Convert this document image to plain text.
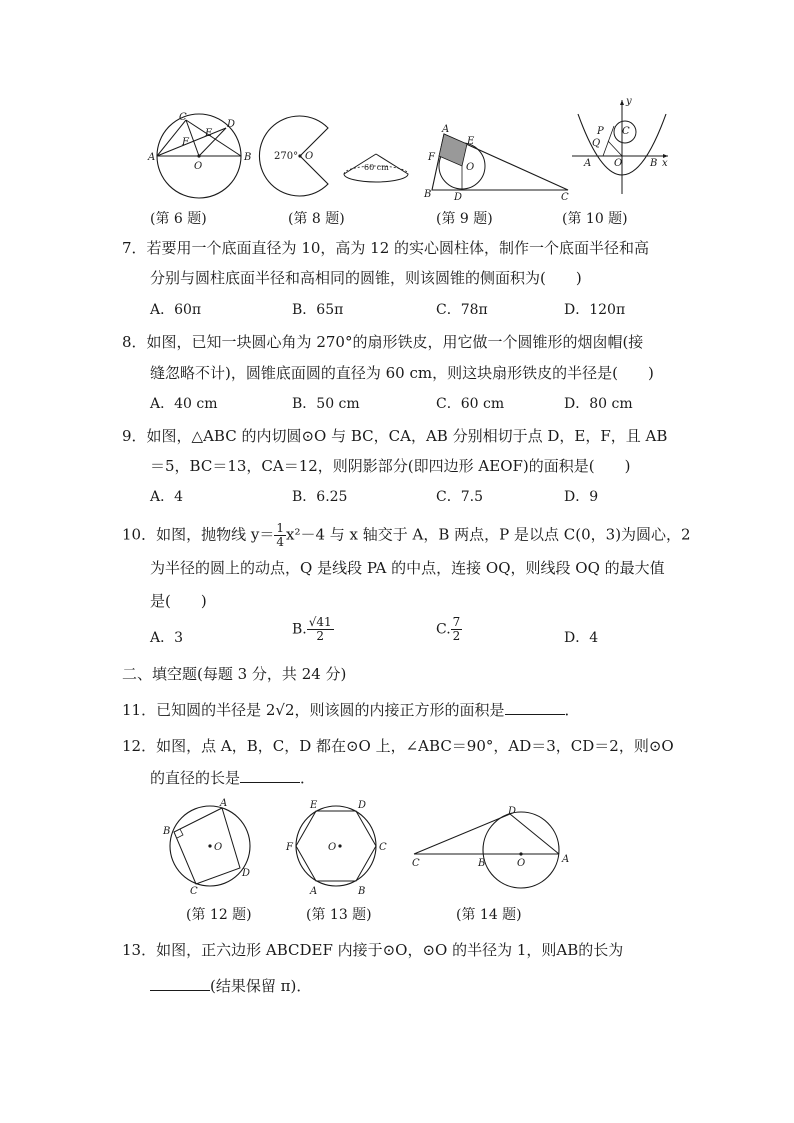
A	B
C
D
E
F
O
270° O
60 cm
A
B	C
D
E
F
O
y
x
P
Q
C
A O	B
(第 6 题)	(第 8 题)	(第 9 题)	(第 10 题)
7．若要用一个底面直径为 10，高为 12 的实心圆柱体，制作一个底面半径和高
分别与圆柱底面半径和高相同的圆锥，则该圆锥的侧面积为(　　)
A．60π	B．65π	C．78π	D．120π
8．如图，已知一块圆心角为 270°的扇形铁皮，用它做一个圆锥形的烟囱帽(接
缝忽略不计)，圆锥底面圆的直径为 60 cm，则这块扇形铁皮的半径是(　　)
A．40 cm	B．50 cm	C．60 cm	D．80 cm
9．如图，△ABC 的内切圆⊙O 与 BC，CA，AB 分别相切于点 D，E，F，且 AB
＝5，BC＝13，CA＝12，则阴影部分(即四边形 AEOF)的面积是(　　)
A．4	B．6.25	C．7.5	D．9
10．如图，抛物线 $y= \frac{1}{4} x^2-4$ 与 x 轴交于 A，B 两点，P 是以点 C(0，3)为圆心，2
为半径的圆上的动点，Q 是线段 PA 的中点，连接 OQ，则线段 OQ 的最大值
是(　　)
A．3
B. $\frac{√41}{2}$	C. $\frac{7}{2}$	D．4
二、填空题(每题 3 分，共 24 分)
11．已知圆的半径是 2√2，则该圆的内接正方形的面积是	．
12．如图，点 A，B，C，D 都在⊙O 上，∠ABC＝90°，AD＝3，CD＝2，则⊙O
的直径的长是	．
A
B
C
D
O
A	B
C
D
E
F	O
C	B
D
O	A
(第 12 题)	(第 13 题)	(第 14 题)
13．如图，正六边形 ABCDEF 内接于⊙O，⊙O 的半径为 1，则AB的长为
(结果保留 π)．
